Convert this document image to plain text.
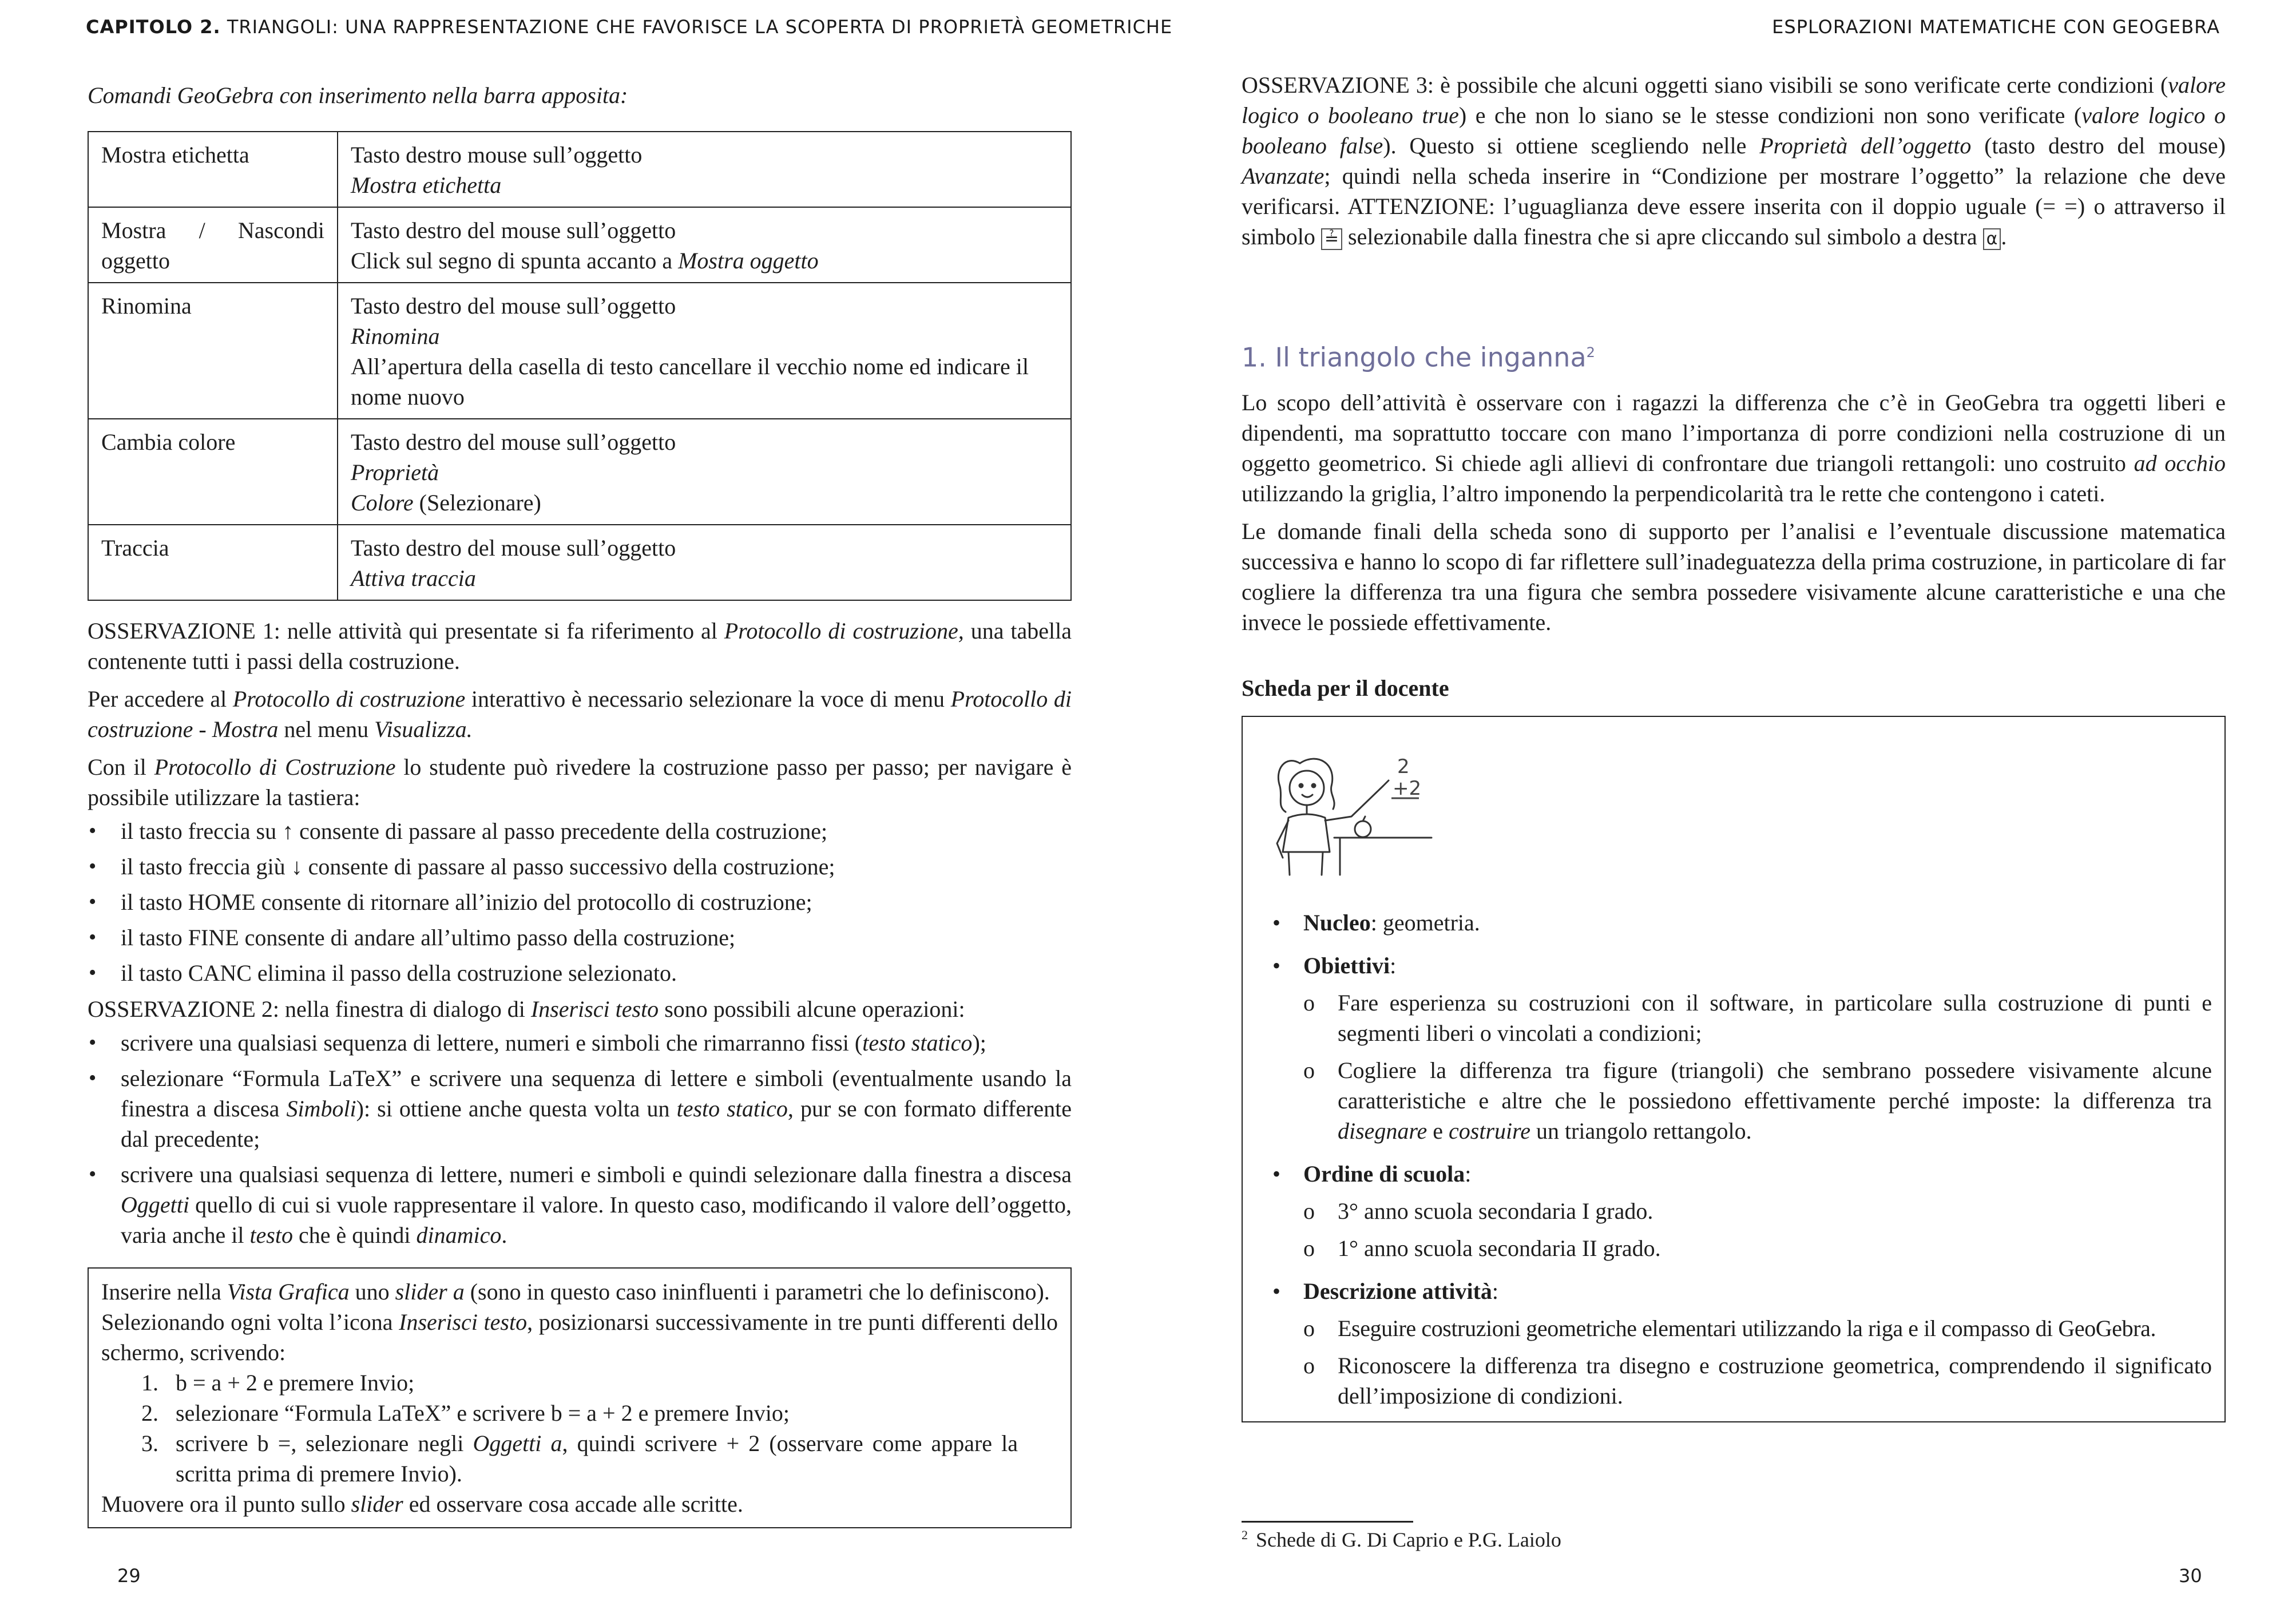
CAPITOLO 2. TRIANGOLI: UNA RAPPRESENTAZIONE CHE FAVORISCE LA SCOPERTA DI PROPRIETÀ GEOMETRICHE	ESPLORAZIONI MATEMATICHE CON GEOGEBRA

Comandi GeoGebra con inserimento nella barra apposita:

Mostra etichetta	Tasto destro mouse sull’oggetto
Mostra etichetta

Mostra / Nascondi oggetto	Tasto destro del mouse sull’oggetto
Click sul segno di spunta accanto a Mostra oggetto

Rinomina	Tasto destro del mouse sull’oggetto
Rinomina
All’apertura della casella di testo cancellare il vecchio nome ed indicare il nome nuovo

Cambia colore	Tasto destro del mouse sull’oggetto
Proprietà
Colore (Selezionare)

Traccia	Tasto destro del mouse sull’oggetto
Attiva traccia

OSSERVAZIONE 1: nelle attività qui presentate si fa riferimento al Protocollo di costruzione, una tabella contenente tutti i passi della costruzione.

Per accedere al Protocollo di costruzione interattivo è necessario selezionare la voce di menu Protocollo di costruzione - Mostra nel menu Visualizza.

Con il Protocollo di Costruzione lo studente può rivedere la costruzione passo per passo; per navigare è possibile utilizzare la tastiera:

• il tasto freccia su ↑ consente di passare al passo precedente della costruzione;
• il tasto freccia giù ↓ consente di passare al passo successivo della costruzione;
• il tasto HOME consente di ritornare all’inizio del protocollo di costruzione;
• il tasto FINE consente di andare all’ultimo passo della costruzione;
• il tasto CANC elimina il passo della costruzione selezionato.

OSSERVAZIONE 2: nella finestra di dialogo di Inserisci testo sono possibili alcune operazioni:

• scrivere una qualsiasi sequenza di lettere, numeri e simboli che rimarranno fissi (testo statico);
• selezionare “Formula LaTeX” e scrivere una sequenza di lettere e simboli (eventualmente usando la finestra a discesa Simboli): si ottiene anche questa volta un testo statico, pur se con formato differente dal precedente;
• scrivere una qualsiasi sequenza di lettere, numeri e simboli e quindi selezionare dalla finestra a discesa Oggetti quello di cui si vuole rappresentare il valore. In questo caso, modificando il valore dell’oggetto, varia anche il testo che è quindi dinamico.

Inserire nella Vista Grafica uno slider a (sono in questo caso ininfluenti i parametri che lo definiscono).

Selezionando ogni volta l’icona Inserisci testo, posizionarsi successivamente in tre punti differenti dello schermo, scrivendo:

1. b = a + 2 e premere Invio;
2. selezionare “Formula LaTeX” e scrivere b = a + 2 e premere Invio;
3. scrivere b =, selezionare negli Oggetti a, quindi scrivere + 2 (osservare come appare la scritta prima di premere Invio).

Muovere ora il punto sullo slider ed osservare cosa accade alle scritte.

29

OSSERVAZIONE 3: è possibile che alcuni oggetti siano visibili se sono verificate certe condizioni (valore logico o booleano true) e che non lo siano se le stesse condizioni non sono verificate (valore logico o booleano false). Questo si ottiene scegliendo nelle Proprietà dell’oggetto (tasto destro del mouse) Avanzate; quindi nella scheda inserire in “Condizione per mostrare l’oggetto” la relazione che deve verificarsi. ATTENZIONE: l’uguaglianza deve essere inserita con il doppio uguale (= =) o attraverso il simbolo ≟ selezionabile dalla finestra che si apre cliccando sul simbolo a destra α .

1. Il triangolo che inganna$^2$

Lo scopo dell’attività è osservare con i ragazzi la differenza che c’è in GeoGebra tra oggetti liberi e dipendenti, ma soprattutto toccare con mano l’importanza di porre condizioni nella costruzione di un oggetto geometrico. Si chiede agli allievi di confrontare due triangoli rettangoli: uno costruito ad occhio utilizzando la griglia, l’altro imponendo la perpendicolarità tra le rette che contengono i cateti.

Le domande finali della scheda sono di supporto per l’analisi e l’eventuale discussione matematica successiva e hanno lo scopo di far riflettere sull’inadeguatezza della prima costruzione, in particolare di far cogliere la differenza tra una figura che sembra possedere visivamente alcune caratteristiche e una che invece le possiede effettivamente.

Scheda per il docente
2
+2
• Nucleo: geometria.
• Obiettivi:
o Fare esperienza su costruzioni con il software, in particolare sulla costruzione di punti e segmenti liberi o vincolati a condizioni;
o Cogliere la differenza tra figure (triangoli) che sembrano possedere visivamente alcune caratteristiche e altre che le possiedono effettivamente perché imposte: la differenza tra disegnare e costruire un triangolo rettangolo.
• Ordine di scuola:
o 3° anno scuola secondaria I grado.
o 1° anno scuola secondaria II grado.
• Descrizione attività:
o Eseguire costruzioni geometriche elementari utilizzando la riga e il compasso di GeoGebra.
o Riconoscere la differenza tra disegno e costruzione geometrica, comprendendo il significato dell’imposizione di condizioni.
$^2$ Schede di G. Di Caprio e P.G. Laiolo
30
